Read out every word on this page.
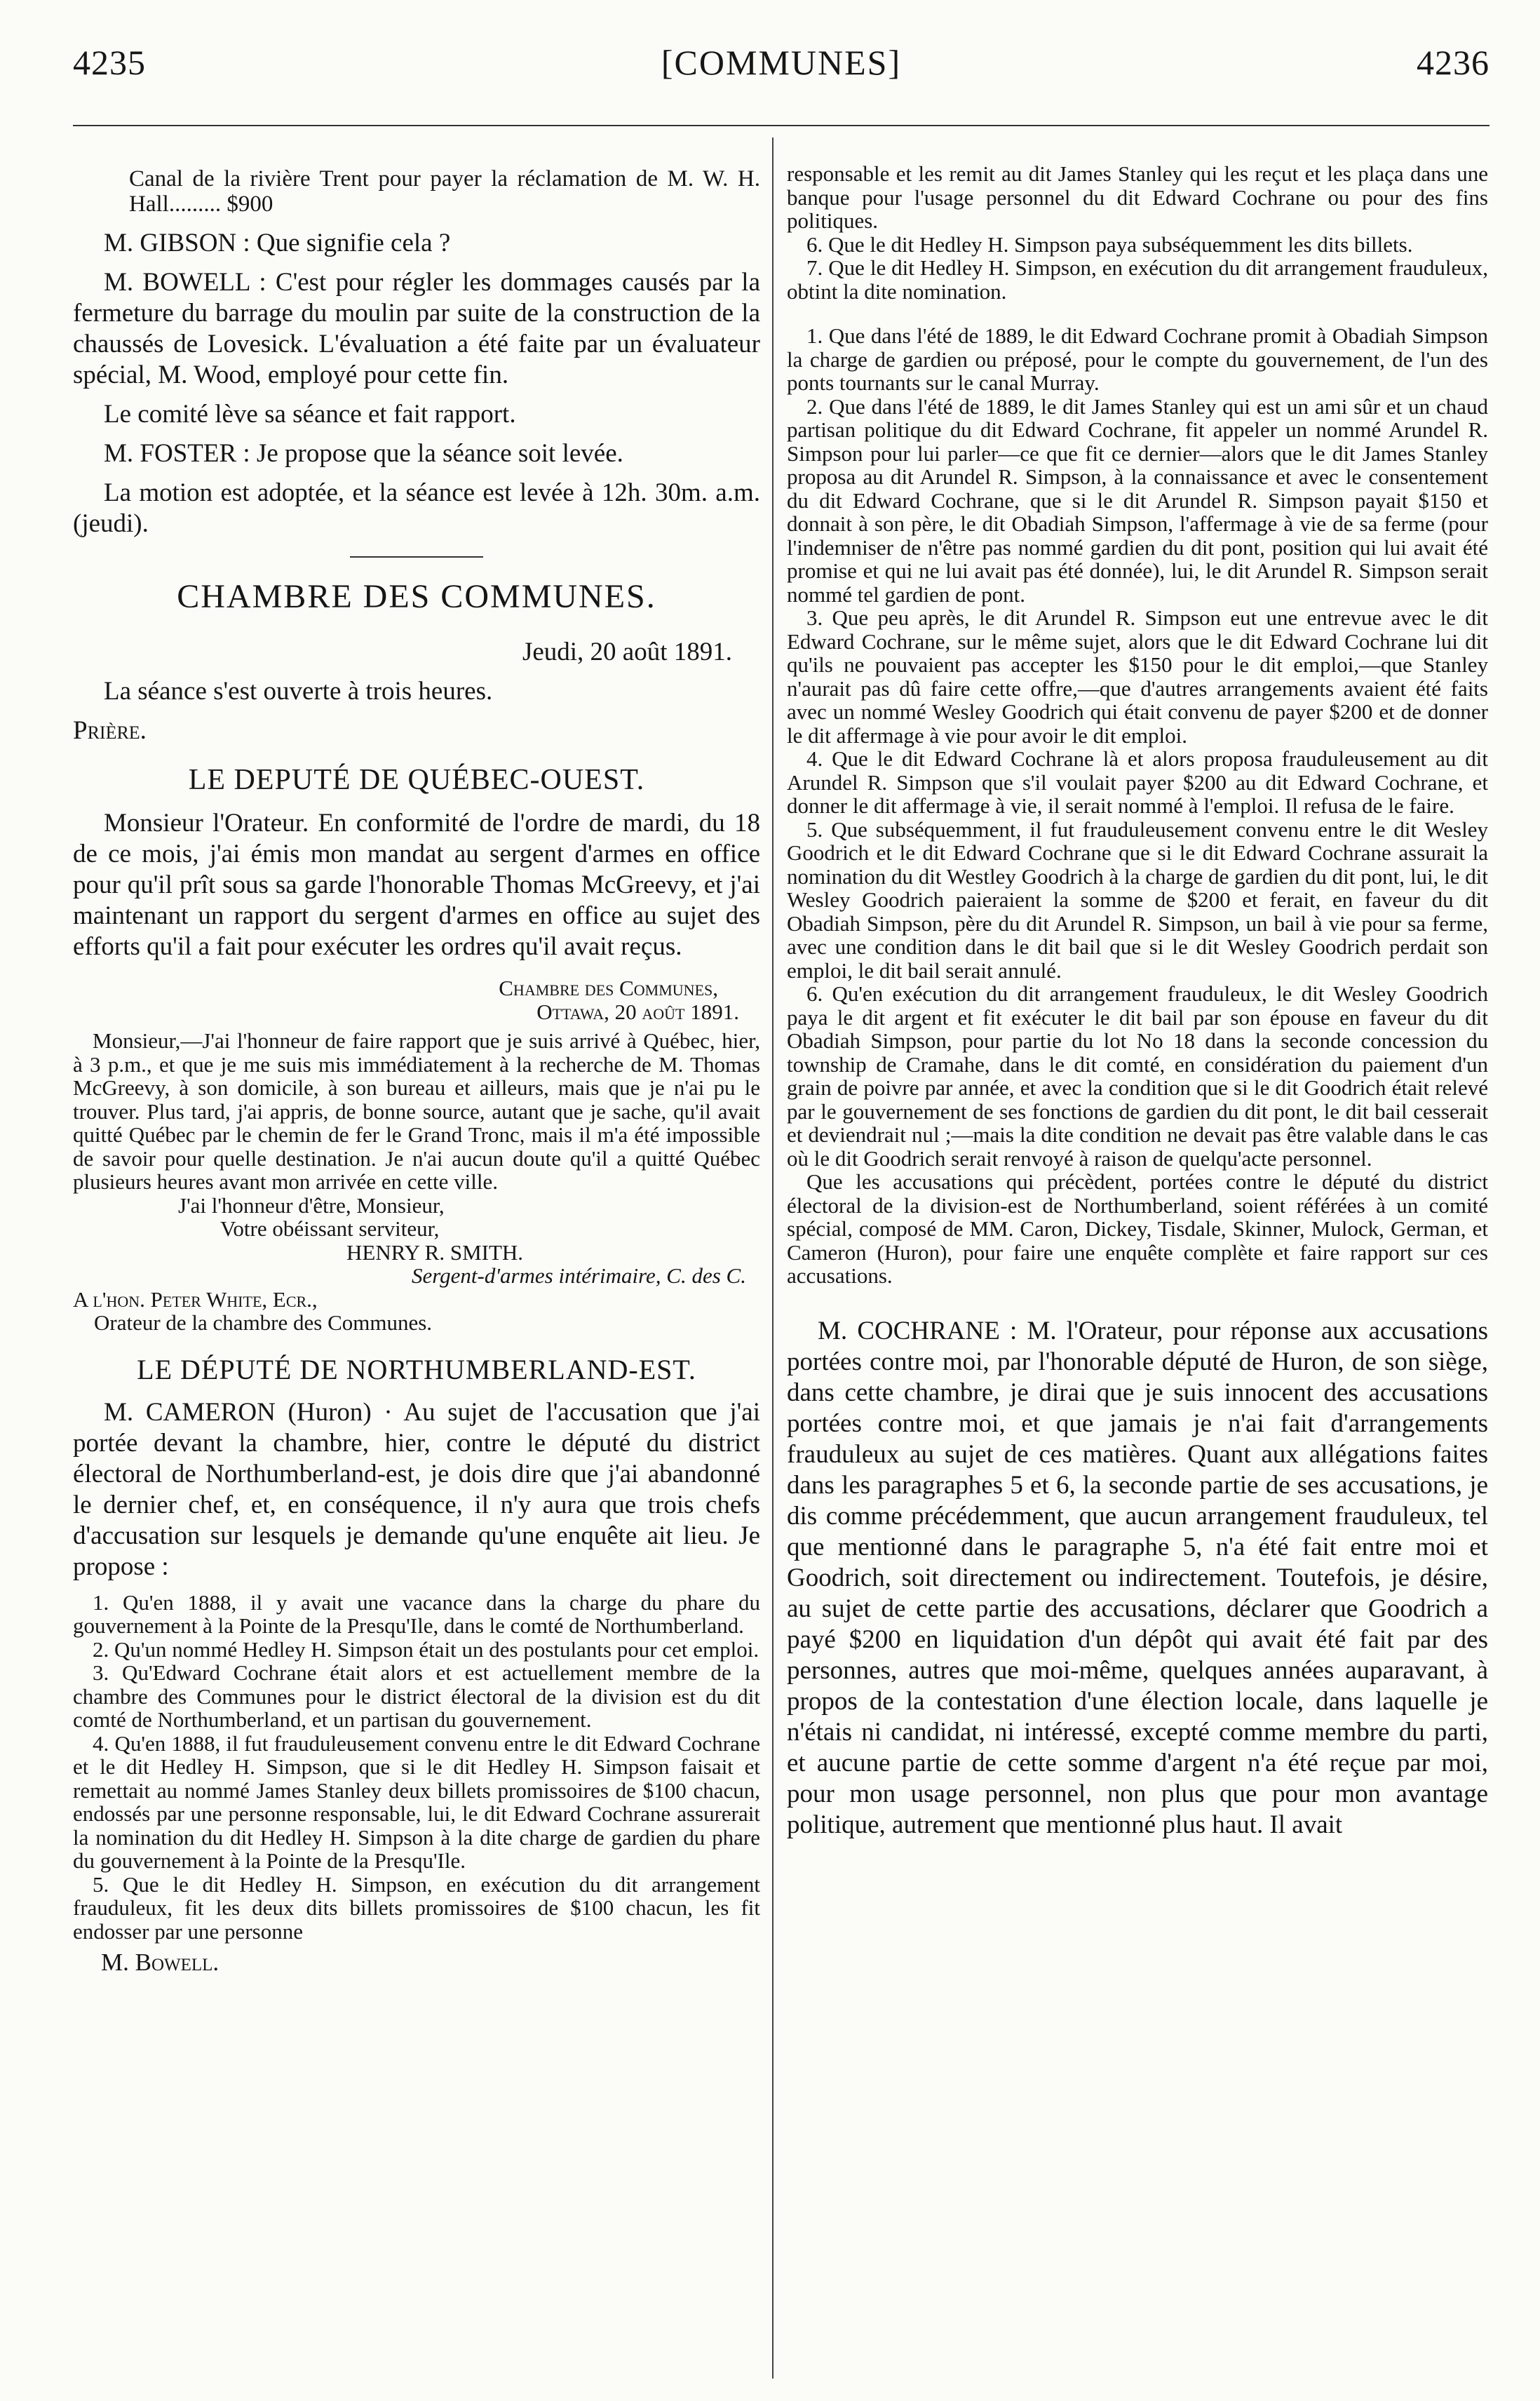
4235	[COMMUNES]	4236

Canal de la rivière Trent pour payer la réclamation de M. W. H. Hall......... $900

M. GIBSON : Que signifie cela ?

M. BOWELL : C'est pour régler les dommages causés par la fermeture du barrage du moulin par suite de la construction de la chaussés de Lovesick. L'évaluation a été faite par un évaluateur spécial, M. Wood, employé pour cette fin.

Le comité lève sa séance et fait rapport.

M. FOSTER : Je propose que la séance soit levée.

La motion est adoptée, et la séance est levée à 12h. 30m. a.m. (jeudi).

CHAMBRE DES COMMUNES.

Jeudi, 20 août 1891.

La séance s'est ouverte à trois heures.

Prière.

LE DEPUTÉ DE QUÉBEC-OUEST.

Monsieur l'Orateur. En conformité de l'ordre de mardi, du 18 de ce mois, j'ai émis mon mandat au sergent d'armes en office pour qu'il prît sous sa garde l'honorable Thomas McGreevy, et j'ai maintenant un rapport du sergent d'armes en office au sujet des efforts qu'il a fait pour exécuter les ordres qu'il avait reçus.

Chambre des Communes,

Ottawa, 20 août 1891.

Monsieur,—J'ai l'honneur de faire rapport que je suis arrivé à Québec, hier, à 3 p.m., et que je me suis mis immédiatement à la recherche de M. Thomas McGreevy, à son domicile, à son bureau et ailleurs, mais que je n'ai pu le trouver. Plus tard, j'ai appris, de bonne source, autant que je sache, qu'il avait quitté Québec par le chemin de fer le Grand Tronc, mais il m'a été impossible de savoir pour quelle destination. Je n'ai aucun doute qu'il a quitté Québec plusieurs heures avant mon arrivée en cette ville.

J'ai l'honneur d'être, Monsieur,

Votre obéissant serviteur,

HENRY R. SMITH.

Sergent-d'armes intérimaire, C. des C.

A l'hon. Peter White, Ecr.,

Orateur de la chambre des Communes.

LE DÉPUTÉ DE NORTHUMBERLAND-EST.

M. CAMERON (Huron) · Au sujet de l'accusation que j'ai portée devant la chambre, hier, contre le député du district électoral de Northumberland-est, je dois dire que j'ai abandonné le dernier chef, et, en conséquence, il n'y aura que trois chefs d'accusation sur lesquels je demande qu'une enquête ait lieu. Je propose :

1. Qu'en 1888, il y avait une vacance dans la charge du phare du gouvernement à la Pointe de la Presqu'Ile, dans le comté de Northumberland.

2. Qu'un nommé Hedley H. Simpson était un des postulants pour cet emploi.

3. Qu'Edward Cochrane était alors et est actuellement membre de la chambre des Communes pour le district électoral de la division est du dit comté de Northumberland, et un partisan du gouvernement.

4. Qu'en 1888, il fut frauduleusement convenu entre le dit Edward Cochrane et le dit Hedley H. Simpson, que si le dit Hedley H. Simpson faisait et remettait au nommé James Stanley deux billets promissoires de $100 chacun, endossés par une personne responsable, lui, le dit Edward Cochrane assurerait la nomination du dit Hedley H. Simpson à la dite charge de gardien du phare du gouvernement à la Pointe de la Presqu'Ile.

5. Que le dit Hedley H. Simpson, en exécution du dit arrangement frauduleux, fit les deux dits billets promissoires de $100 chacun, les fit endosser par une personne

M. Bowell.

responsable et les remit au dit James Stanley qui les reçut et les plaça dans une banque pour l'usage personnel du dit Edward Cochrane ou pour des fins politiques.

6. Que le dit Hedley H. Simpson paya subséquemment les dits billets.

7. Que le dit Hedley H. Simpson, en exécution du dit arrangement frauduleux, obtint la dite nomination.

1. Que dans l'été de 1889, le dit Edward Cochrane promit à Obadiah Simpson la charge de gardien ou préposé, pour le compte du gouvernement, de l'un des ponts tournants sur le canal Murray.

2. Que dans l'été de 1889, le dit James Stanley qui est un ami sûr et un chaud partisan politique du dit Edward Cochrane, fit appeler un nommé Arundel R. Simpson pour lui parler—ce que fit ce dernier—alors que le dit James Stanley proposa au dit Arundel R. Simpson, à la connaissance et avec le consentement du dit Edward Cochrane, que si le dit Arundel R. Simpson payait $150 et donnait à son père, le dit Obadiah Simpson, l'affermage à vie de sa ferme (pour l'indemniser de n'être pas nommé gardien du dit pont, position qui lui avait été promise et qui ne lui avait pas été donnée), lui, le dit Arundel R. Simpson serait nommé tel gardien de pont.

3. Que peu après, le dit Arundel R. Simpson eut une entrevue avec le dit Edward Cochrane, sur le même sujet, alors que le dit Edward Cochrane lui dit qu'ils ne pouvaient pas accepter les $150 pour le dit emploi,—que Stanley n'aurait pas dû faire cette offre,—que d'autres arrangements avaient été faits avec un nommé Wesley Goodrich qui était convenu de payer $200 et de donner le dit affermage à vie pour avoir le dit emploi.

4. Que le dit Edward Cochrane là et alors proposa frauduleusement au dit Arundel R. Simpson que s'il voulait payer $200 au dit Edward Cochrane, et donner le dit affermage à vie, il serait nommé à l'emploi. Il refusa de le faire.

5. Que subséquemment, il fut frauduleusement convenu entre le dit Wesley Goodrich et le dit Edward Cochrane que si le dit Edward Cochrane assurait la nomination du dit Westley Goodrich à la charge de gardien du dit pont, lui, le dit Wesley Goodrich paieraient la somme de $200 et ferait, en faveur du dit Obadiah Simpson, père du dit Arundel R. Simpson, un bail à vie pour sa ferme, avec une condition dans le dit bail que si le dit Wesley Goodrich perdait son emploi, le dit bail serait annulé.

6. Qu'en exécution du dit arrangement frauduleux, le dit Wesley Goodrich paya le dit argent et fit exécuter le dit bail par son épouse en faveur du dit Obadiah Simpson, pour partie du lot No 18 dans la seconde concession du township de Cramahe, dans le dit comté, en considération du paiement d'un grain de poivre par année, et avec la condition que si le dit Goodrich était relevé par le gouvernement de ses fonctions de gardien du dit pont, le dit bail cesserait et deviendrait nul ;—mais la dite condition ne devait pas être valable dans le cas où le dit Goodrich serait renvoyé à raison de quelqu'acte personnel.

Que les accusations qui précèdent, portées contre le député du district électoral de la division-est de Northumberland, soient référées à un comité spécial, composé de MM. Caron, Dickey, Tisdale, Skinner, Mulock, German, et Cameron (Huron), pour faire une enquête complète et faire rapport sur ces accusations.

M. COCHRANE : M. l'Orateur, pour réponse aux accusations portées contre moi, par l'honorable député de Huron, de son siège, dans cette chambre, je dirai que je suis innocent des accusations portées contre moi, et que jamais je n'ai fait d'arrangements frauduleux au sujet de ces matières. Quant aux allégations faites dans les paragraphes 5 et 6, la seconde partie de ses accusations, je dis comme précédemment, que aucun arrangement frauduleux, tel que mentionné dans le paragraphe 5, n'a été fait entre moi et Goodrich, soit directement ou indirectement. Toutefois, je désire, au sujet de cette partie des accusations, déclarer que Goodrich a payé $200 en liquidation d'un dépôt qui avait été fait par des personnes, autres que moi-même, quelques années auparavant, à propos de la contestation d'une élection locale, dans laquelle je n'étais ni candidat, ni intéressé, excepté comme membre du parti, et aucune partie de cette somme d'argent n'a été reçue par moi, pour mon usage personnel, non plus que pour mon avantage politique, autrement que mentionné plus haut. Il avait
